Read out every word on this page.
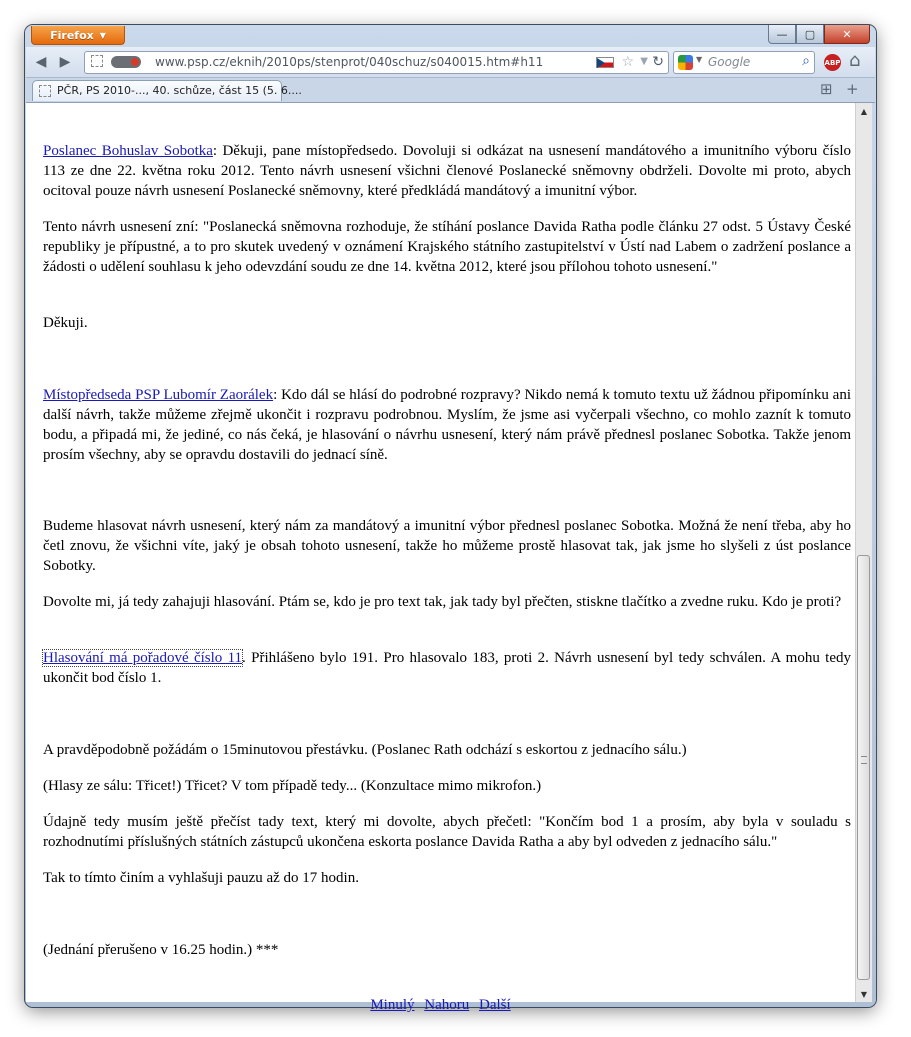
Firefox ▼	—	▢	✕
◀ ▶	www.psp.cz/eknih/2010ps/stenprot/040schuz/s040015.htm#h11	☆ ▼ ↻	▼ Google	⌕ ABP ⌂
PČR, PS 2010-..., 40. schůze, část 15 (5. 6....	⊞ +

Poslanec Bohuslav Sobotka: Děkuji, pane místopředsedo. Dovoluji si odkázat na usnesení mandátového a imunitního výboru číslo 113 ze dne 22. května roku 2012. Tento návrh usnesení všichni členové Poslanecké sněmovny obdrželi. Dovolte mi proto, abych ocitoval pouze návrh usnesení Poslanecké sněmovny, které předkládá mandátový a imunitní výbor.

Tento návrh usnesení zní: "Poslanecká sněmovna rozhoduje, že stíhání poslance Davida Ratha podle článku 27 odst. 5 Ústavy České republiky je přípustné, a to pro skutek uvedený v oznámení Krajského státního zastupitelství v Ústí nad Labem o zadržení poslance a žádosti o udělení souhlasu k jeho odevzdání soudu ze dne 14. května 2012, které jsou přílohou tohoto usnesení."

Děkuji.

Místopředseda PSP Lubomír Zaorálek: Kdo dál se hlásí do podrobné rozpravy? Nikdo nemá k tomuto textu už žádnou připomínku ani další návrh, takže můžeme zřejmě ukončit i rozpravu podrobnou. Myslím, že jsme asi vyčerpali všechno, co mohlo zaznít k tomuto bodu, a připadá mi, že jediné, co nás čeká, je hlasování o návrhu usnesení, který nám právě přednesl poslanec Sobotka. Takže jenom prosím všechny, aby se opravdu dostavili do jednací síně.

Budeme hlasovat návrh usnesení, který nám za mandátový a imunitní výbor přednesl poslanec Sobotka. Možná že není třeba, aby ho četl znovu, že všichni víte, jaký je obsah tohoto usnesení, takže ho můžeme prostě hlasovat tak, jak jsme ho slyšeli z úst poslance Sobotky.

Dovolte mi, já tedy zahajuji hlasování. Ptám se, kdo je pro text tak, jak tady byl přečten, stiskne tlačítko a zvedne ruku. Kdo je proti?

Hlasování má pořadové číslo 11. Přihlášeno bylo 191. Pro hlasovalo 183, proti 2. Návrh usnesení byl tedy schválen. A mohu tedy ukončit bod číslo 1.

A pravděpodobně požádám o 15minutovou přestávku. (Poslanec Rath odchází s eskortou z jednacího sálu.)

(Hlasy ze sálu: Třicet!) Třicet? V tom případě tedy... (Konzultace mimo mikrofon.)

Údajně tedy musím ještě přečíst tady text, který mi dovolte, abych přečetl: "Končím bod 1 a prosím, aby byla v souladu s rozhodnutími příslušných státních zástupců ukončena eskorta poslance Davida Ratha a aby byl odveden z jednacího sálu."

Tak to tímto činím a vyhlašuji pauzu až do 17 hodin.

(Jednání přerušeno v 16.25 hodin.) ***

Minulý Nahoru Další
▲
▼
